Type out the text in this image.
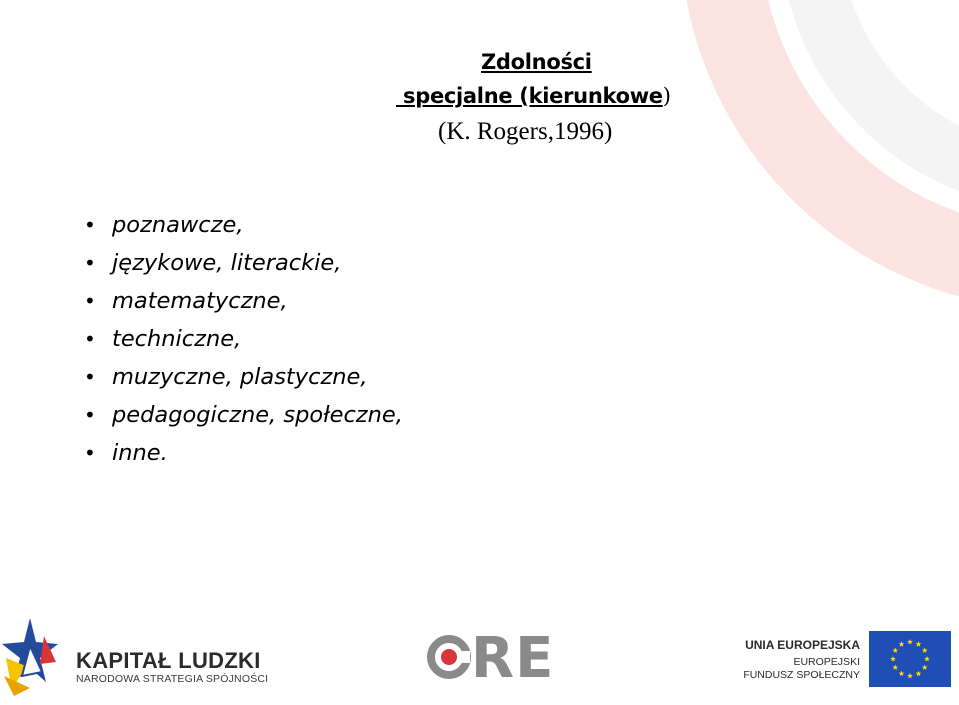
Zdolności
specjalne (kierunkowe)
(K. Rogers,1996)
• poznawcze,
• językowe, literackie,
• matematyczne,
• techniczne,
• muzyczne, plastyczne,
• pedagogiczne, społeczne,
• inne.
KAPITAŁ LUDZKI
NARODOWA STRATEGIA SPÓJNOŚCI	RE	UNIA EUROPEJSKA
EUROPEJSKI
FUNDUSZ SPOŁECZNY
